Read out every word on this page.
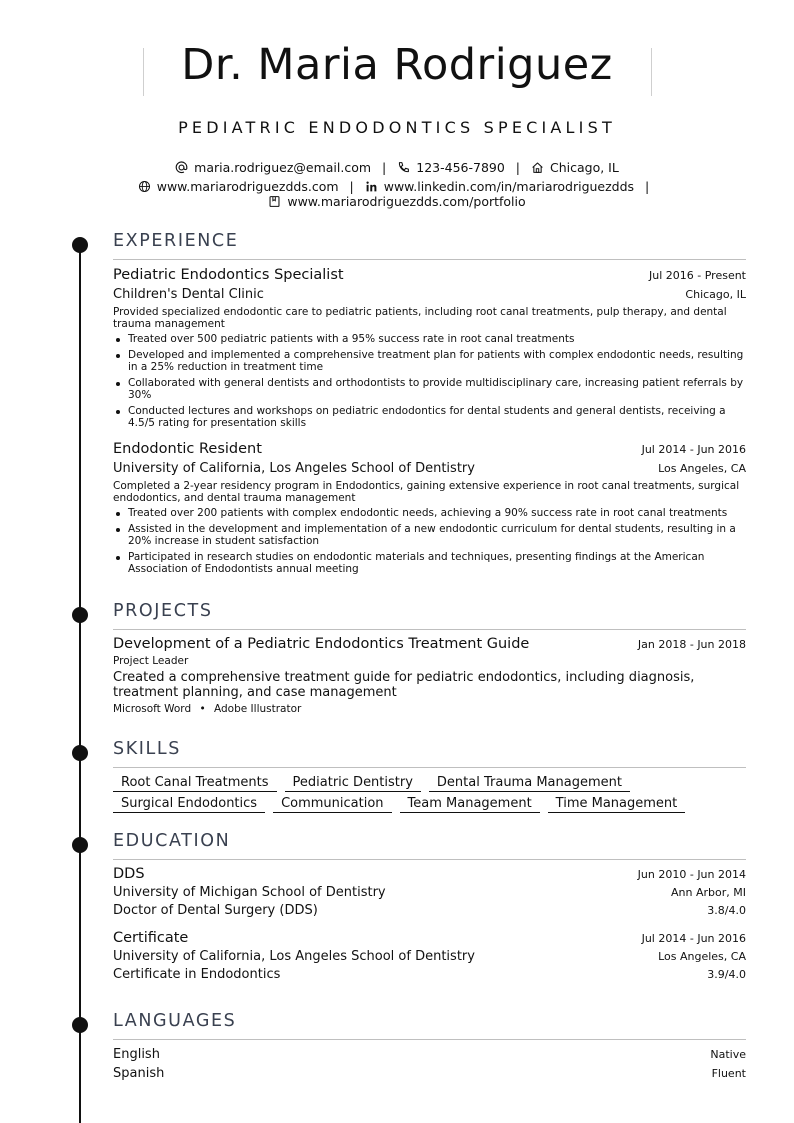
Dr. Maria Rodriguez
PEDIATRIC ENDODONTICS SPECIALIST
maria.rodriguez@email.com | 123-456-7890 | Chicago, IL
www.mariarodriguezdds.com | www.linkedin.com/in/mariarodriguezdds |
www.mariarodriguezdds.com/portfolio
EXPERIENCE
Pediatric Endodontics Specialist	Jul 2016 - Present
Children's Dental Clinic	Chicago, IL
Provided specialized endodontic care to pediatric patients, including root canal treatments, pulp therapy, and dental trauma management
Treated over 500 pediatric patients with a 95% success rate in root canal treatments
Developed and implemented a comprehensive treatment plan for patients with complex endodontic needs, resulting in a 25% reduction in treatment time
Collaborated with general dentists and orthodontists to provide multidisciplinary care, increasing patient referrals by 30%
Conducted lectures and workshops on pediatric endodontics for dental students and general dentists, receiving a 4.5/5 rating for presentation skills
Endodontic Resident	Jul 2014 - Jun 2016
University of California, Los Angeles School of Dentistry	Los Angeles, CA
Completed a 2-year residency program in Endodontics, gaining extensive experience in root canal treatments, surgical endodontics, and dental trauma management
Treated over 200 patients with complex endodontic needs, achieving a 90% success rate in root canal treatments
Assisted in the development and implementation of a new endodontic curriculum for dental students, resulting in a 20% increase in student satisfaction
Participated in research studies on endodontic materials and techniques, presenting findings at the American Association of Endodontists annual meeting
PROJECTS
Development of a Pediatric Endodontics Treatment Guide	Jan 2018 - Jun 2018
Project Leader
Created a comprehensive treatment guide for pediatric endodontics, including diagnosis, treatment planning, and case management
Microsoft Word • Adobe Illustrator
SKILLS
Root Canal Treatments	Pediatric Dentistry	Dental Trauma Management
Surgical Endodontics	Communication	Team Management	Time Management
EDUCATION
DDS	Jun 2010 - Jun 2014
University of Michigan School of Dentistry	Ann Arbor, MI
Doctor of Dental Surgery (DDS)	3.8/4.0
Certificate	Jul 2014 - Jun 2016
University of California, Los Angeles School of Dentistry	Los Angeles, CA
Certificate in Endodontics	3.9/4.0
LANGUAGES
English	Native
Spanish	Fluent
